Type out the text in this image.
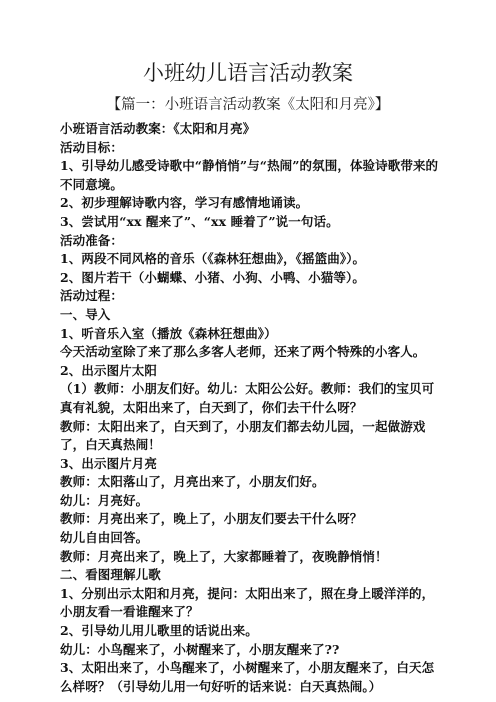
小班幼儿语言活动教案
【篇一：小班语言活动教案《太阳和月亮》】
小班语言活动教案：《太阳和月亮》
活动目标：
1、引导幼儿感受诗歌中“静悄悄”与“热闹”的氛围，体验诗歌带来的
不同意境。
2、初步理解诗歌内容，学习有感情地诵读。
3、尝试用“xx 醒来了”、“xx 睡着了”说一句话。
活动准备：
1、两段不同风格的音乐（《森林狂想曲》，《摇篮曲》）。
2、图片若干（小蝴蝶、小猪、小狗、小鸭、小猫等）。
活动过程：
一、导入
1、听音乐入室（播放《森林狂想曲》）
今天活动室除了来了那么多客人老师，还来了两个特殊的小客人。
2、出示图片太阳
（1）教师：小朋友们好。幼儿：太阳公公好。教师：我们的宝贝可
真有礼貌，太阳出来了，白天到了，你们去干什么呀？
教师：太阳出来了，白天到了，小朋友们都去幼儿园，一起做游戏
了，白天真热闹！
3、出示图片月亮
教师：太阳落山了，月亮出来了，小朋友们好。
幼儿：月亮好。
教师：月亮出来了，晚上了，小朋友们要去干什么呀？
幼儿自由回答。
教师：月亮出来了，晚上了，大家都睡着了，夜晚静悄悄！
二、看图理解儿歌
1、分别出示太阳和月亮，提问：太阳出来了，照在身上暖洋洋的，
小朋友看一看谁醒来了？
2、引导幼儿用儿歌里的话说出来。
幼儿：小鸟醒来了，小树醒来了，小朋友醒来了??
3、太阳出来了，小鸟醒来了，小树醒来了，小朋友醒来了，白天怎
么样呀？（引导幼儿用一句好听的话来说：白天真热闹。）
